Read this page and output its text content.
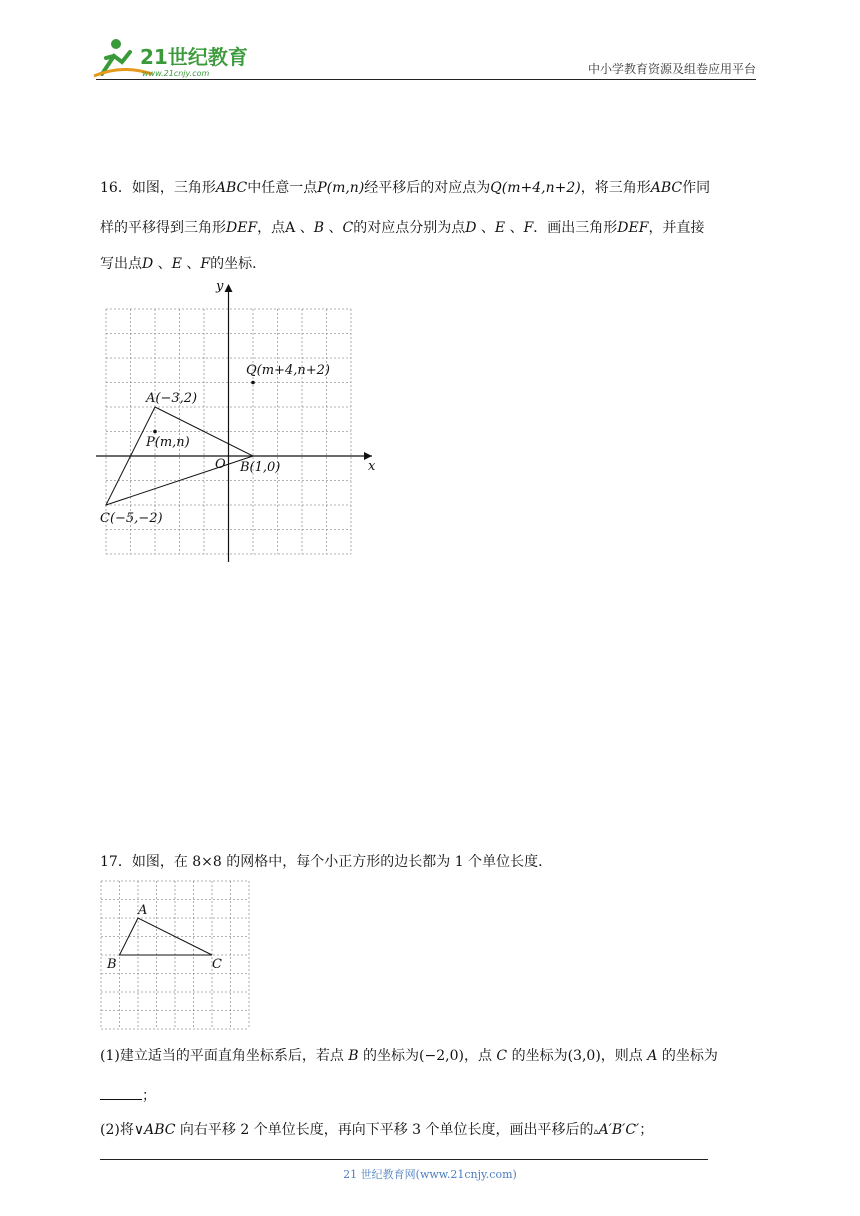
21世纪教育
www.21cnjy.com	中小学教育资源及组卷应用平台
16．如图，三角形ABC中任意一点P(m,n)经平移后的对应点为Q(m+4,n+2)，将三角形ABC作同
样的平移得到三角形DEF，点A 、B 、C的对应点分别为点D 、E 、F．画出三角形DEF，并直接
写出点D 、E 、F的坐标．
y
x
O
A(−3,2)
P(m,n)
Q(m+4,n+2)
B(1,0)
C(−5,−2)
17．如图，在 8×8 的网格中，每个小正方形的边长都为 1 个单位长度．
A
B	C
(1)建立适当的平面直角坐标系后，若点 B 的坐标为(−2,0)，点 C 的坐标为(3,0)，则点 A 的坐标为
；
(2)将∨ABC 向右平移 2 个单位长度，再向下平移 3 个单位长度，画出平移后的▵A′B′C′；
21 世纪教育网(www.21cnjy.com)
